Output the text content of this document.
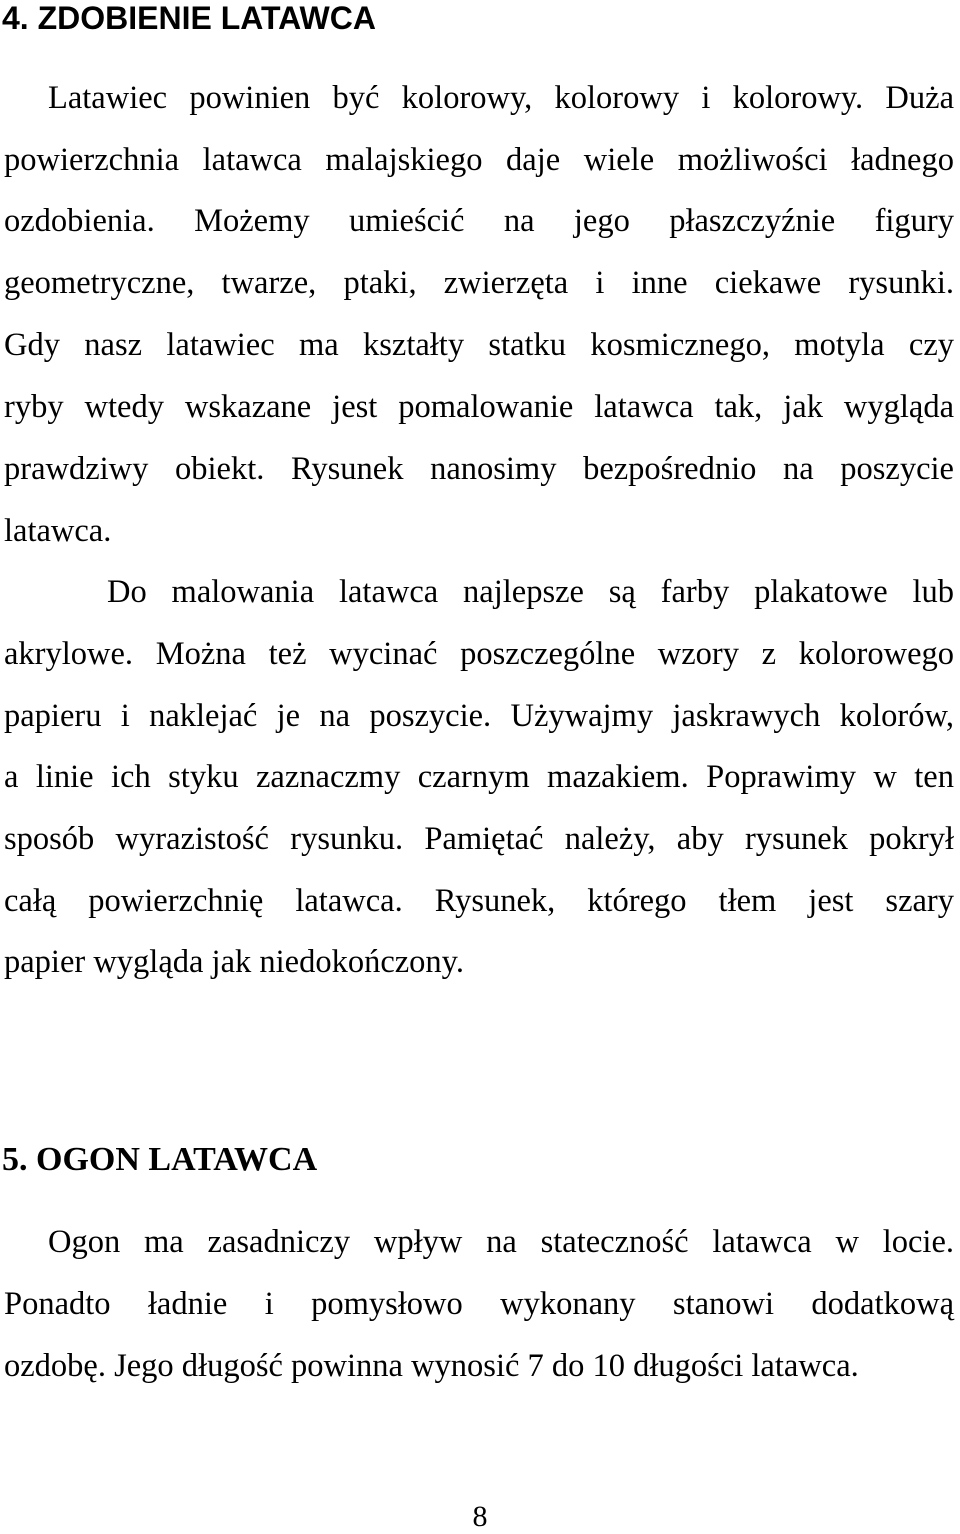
4. ZDOBIENIE LATAWCA

Latawiec powinien być kolorowy, kolorowy i kolorowy. Duża

powierzchnia latawca malajskiego daje wiele możliwości ładnego

ozdobienia. Możemy umieścić na jego płaszczyźnie figury

geometryczne, twarze, ptaki, zwierzęta i inne ciekawe rysunki.

Gdy nasz latawiec ma kształty statku kosmicznego, motyla czy

ryby wtedy wskazane jest pomalowanie latawca tak, jak wygląda

prawdziwy obiekt. Rysunek nanosimy bezpośrednio na poszycie

latawca.

Do malowania latawca najlepsze są farby plakatowe lub

akrylowe. Można też wycinać poszczególne wzory z kolorowego

papieru i naklejać je na poszycie. Używajmy jaskrawych kolorów,

a linie ich styku zaznaczmy czarnym mazakiem. Poprawimy w ten

sposób wyrazistość rysunku. Pamiętać należy, aby rysunek pokrył

całą powierzchnię latawca. Rysunek, którego tłem jest szary

papier wygląda jak niedokończony.

5. OGON LATAWCA

Ogon ma zasadniczy wpływ na stateczność latawca w locie.

Ponadto ładnie i pomysłowo wykonany stanowi dodatkową

ozdobę. Jego długość powinna wynosić 7 do 10 długości latawca.

8
